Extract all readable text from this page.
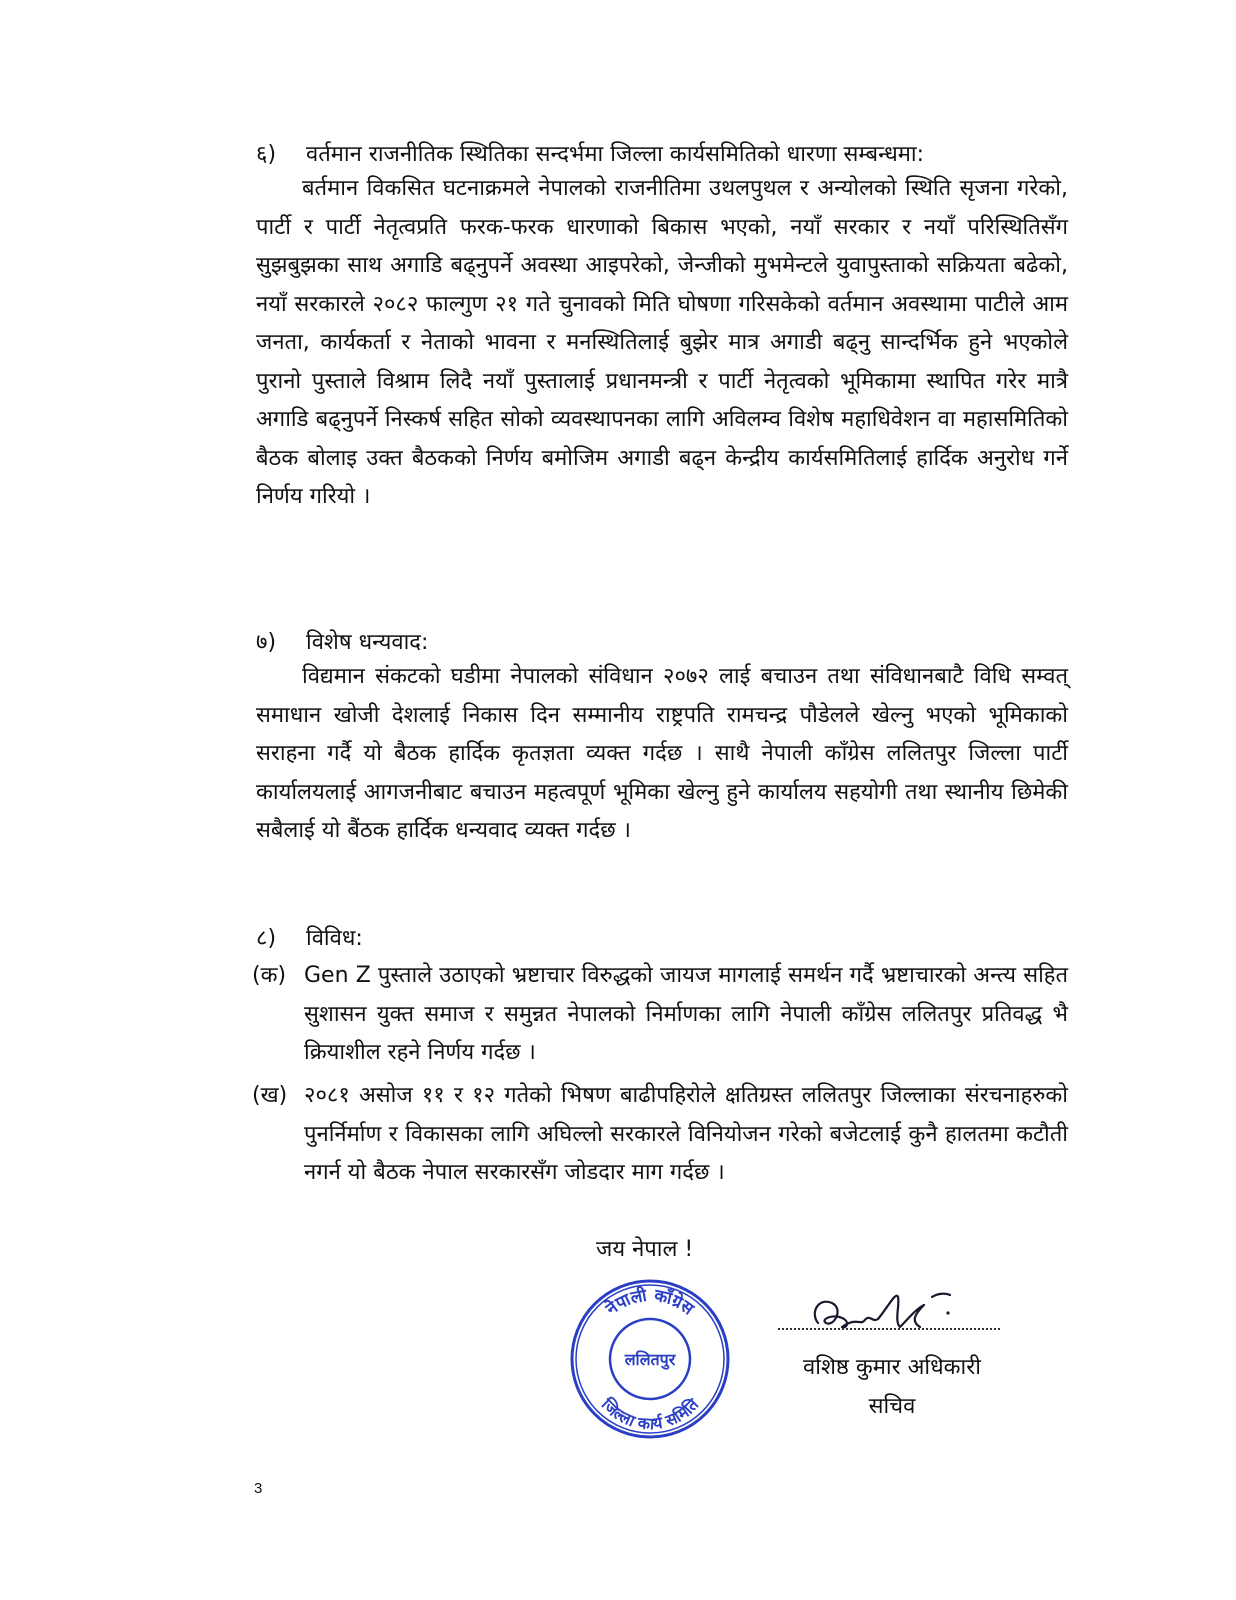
६)	वर्तमान राजनीतिक स्थितिका सन्दर्भमा जिल्ला कार्यसमितिको धारणा सम्बन्धमा:

बर्तमान विकसित घटनाक्रमले नेपालको राजनीतिमा उथलपुथल र अन्योलको स्थिति सृजना गरेको, पार्टी र पार्टी नेतृत्वप्रति फरक-फरक धारणाको बिकास भएको, नयाँ सरकार र नयाँ परिस्थितिसँग सुझबुझका साथ अगाडि बढ्नुपर्ने अवस्था आइपरेको, जेन्जीको मुभमेन्टले युवापुस्ताको सक्रियता बढेको, नयाँ सरकारले २०८२ फाल्गुण २१ गते चुनावको मिति घोषणा गरिसकेको वर्तमान अवस्थामा पाटीले आम जनता, कार्यकर्ता र नेताको भावना र मनस्थितिलाई बुझेर मात्र अगाडी बढ्नु सान्दर्भिक हुने भएकोले पुरानो पुस्ताले विश्राम लिदै नयाँ पुस्तालाई प्रधानमन्त्री र पार्टी नेतृत्वको भूमिकामा स्थापित गरेर मात्रै अगाडि बढ्नुपर्ने निस्कर्ष सहित सोको व्यवस्थापनका लागि अविलम्व विशेष महाधिवेशन वा महासमितिको बैठक बोलाइ उक्त बैठकको निर्णय बमोजिम अगाडी बढ्न केन्द्रीय कार्यसमितिलाई हार्दिक अनुरोध गर्ने निर्णय गरियो ।

७)	विशेष धन्यवाद:

विद्यमान संकटको घडीमा नेपालको संविधान २०७२ लाई बचाउन तथा संविधानबाटै विधि सम्वत् समाधान खोजी देशलाई निकास दिन सम्मानीय राष्ट्रपति रामचन्द्र पौडेलले खेल्नु भएको भूमिकाको सराहना गर्दै यो बैठक हार्दिक कृतज्ञता व्यक्त गर्दछ । साथै नेपाली काँग्रेस ललितपुर जिल्ला पार्टी कार्यालयलाई आगजनीबाट बचाउन महत्वपूर्ण भूमिका खेल्नु हुने कार्यालय सहयोगी तथा स्थानीय छिमेकी सबैलाई यो बैंठक हार्दिक धन्यवाद व्यक्त गर्दछ ।

८)	विविध:
(क) Gen Z पुस्ताले उठाएको भ्रष्टाचार विरुद्धको जायज मागलाई समर्थन गर्दै भ्रष्टाचारको अन्त्य सहित सुशासन युक्त समाज र समुन्नत नेपालको निर्माणका लागि नेपाली काँग्रेस ललितपुर प्रतिवद्ध भै क्रियाशील रहने निर्णय गर्दछ ।
(ख) २०८१ असोज ११ र १२ गतेको भिषण बाढीपहिरोले क्षतिग्रस्त ललितपुर जिल्लाका संरचनाहरुको पुनर्निर्माण र विकासका लागि अघिल्लो सरकारले विनियोजन गरेको बजेटलाई कुनै हालतमा कटौती नगर्न यो बैठक नेपाल सरकारसँग जोडदार माग गर्दछ ।
जय नेपाल !
नेपाली काँग्रेस
ललितपुर
जिल्ला कार्य समिति
वशिष्ठ कुमार अधिकारी
सचिव
3
